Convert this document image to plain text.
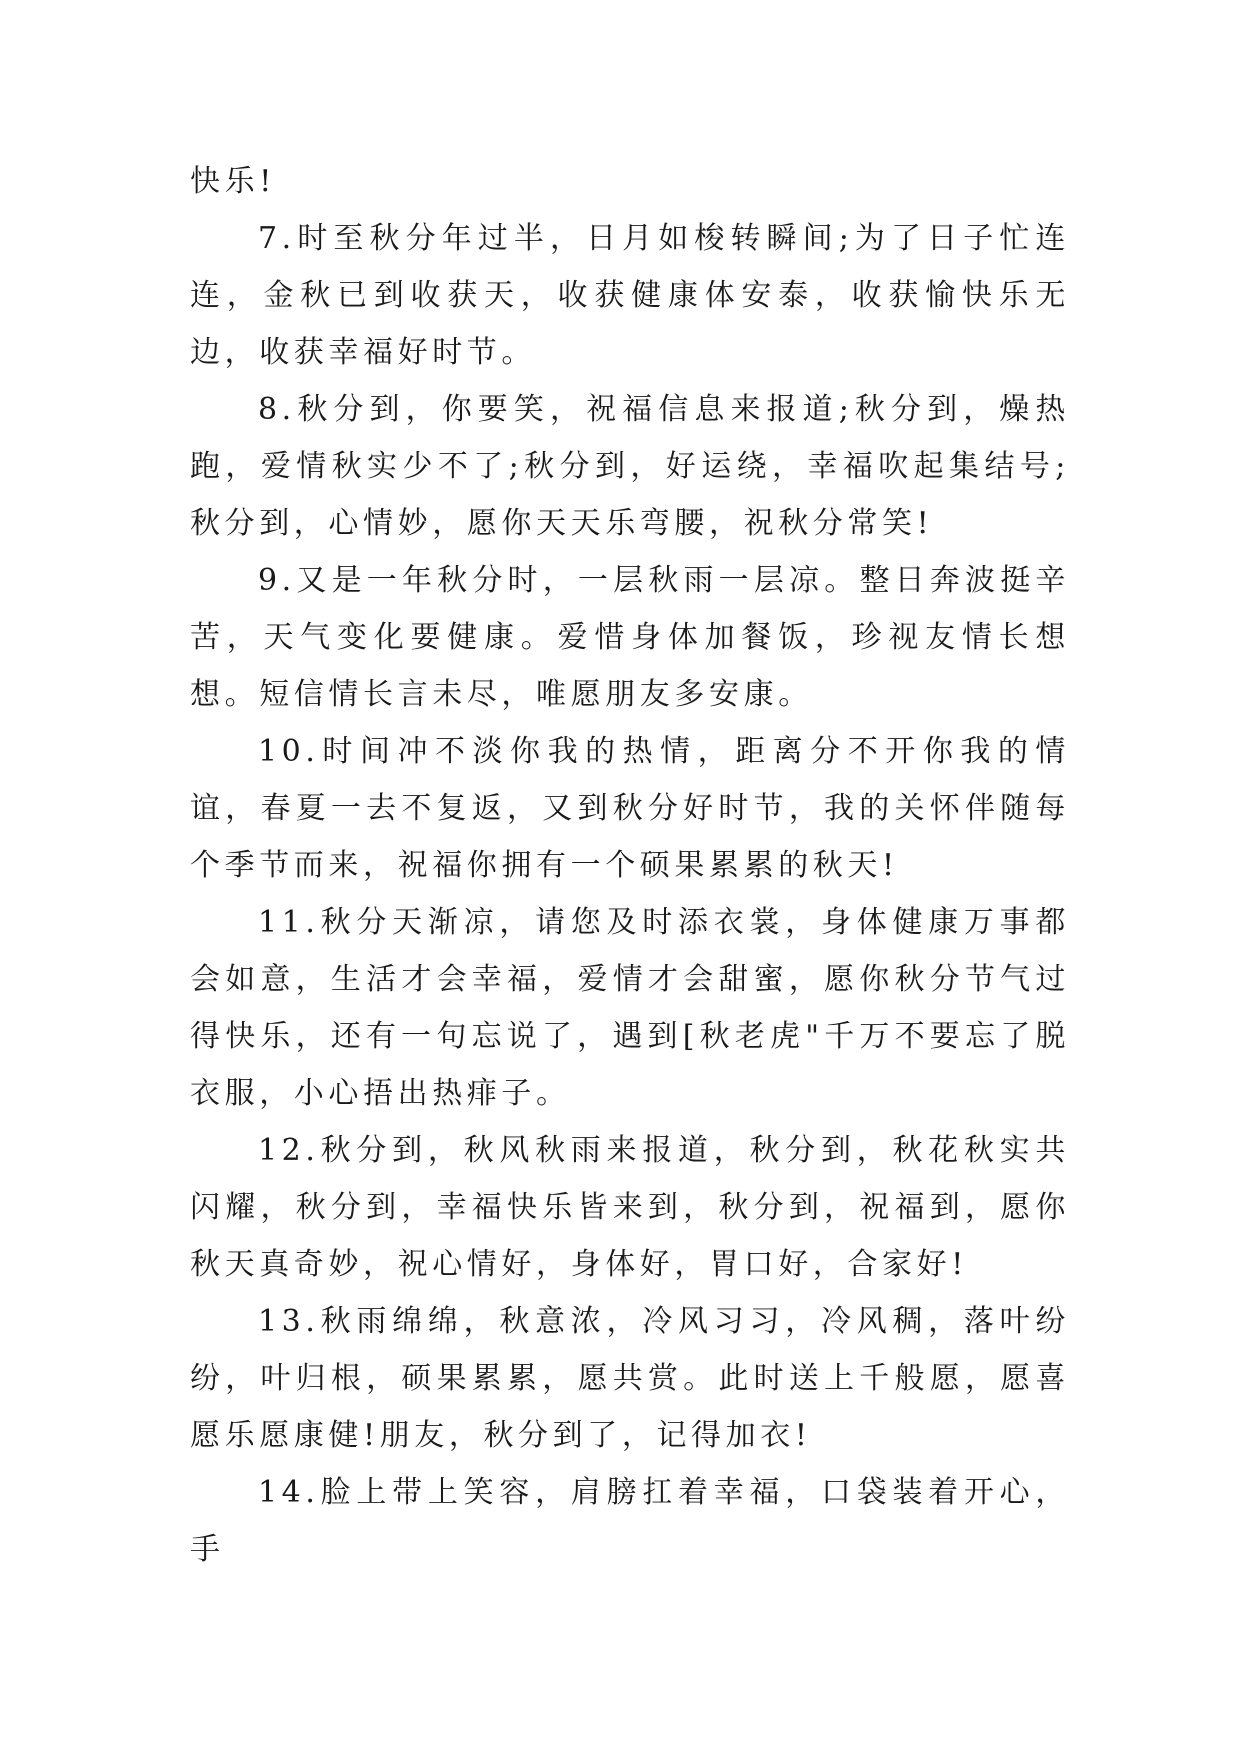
快乐!

7.时至秋分年过半，日月如梭转瞬间;为了日子忙连连，金秋已到收获天，收获健康体安泰，收获愉快乐无边，收获幸福好时节。

8.秋分到，你要笑，祝福信息来报道;秋分到，燥热跑，爱情秋实少不了;秋分到，好运绕，幸福吹起集结号;秋分到，心情妙，愿你天天乐弯腰，祝秋分常笑!

9.又是一年秋分时，一层秋雨一层凉。整日奔波挺辛苦，天气变化要健康。爱惜身体加餐饭，珍视友情长想想。短信情长言未尽，唯愿朋友多安康。

10.时间冲不淡你我的热情，距离分不开你我的情谊，春夏一去不复返，又到秋分好时节，我的关怀伴随每个季节而来，祝福你拥有一个硕果累累的秋天!

11.秋分天渐凉，请您及时添衣裳，身体健康万事都会如意，生活才会幸福，爱情才会甜蜜，愿你秋分节气过得快乐，还有一句忘说了，遇到[秋老虎"千万不要忘了脱衣服，小心捂出热痱子。

12.秋分到，秋风秋雨来报道，秋分到，秋花秋实共闪耀，秋分到，幸福快乐皆来到，秋分到，祝福到，愿你秋天真奇妙，祝心情好，身体好，胃口好，合家好!

13.秋雨绵绵，秋意浓，冷风习习，冷风稠，落叶纷纷，叶归根，硕果累累，愿共赏。此时送上千般愿，愿喜愿乐愿康健!朋友，秋分到了，记得加衣!

14.脸上带上笑容，肩膀扛着幸福，口袋装着开心，手
